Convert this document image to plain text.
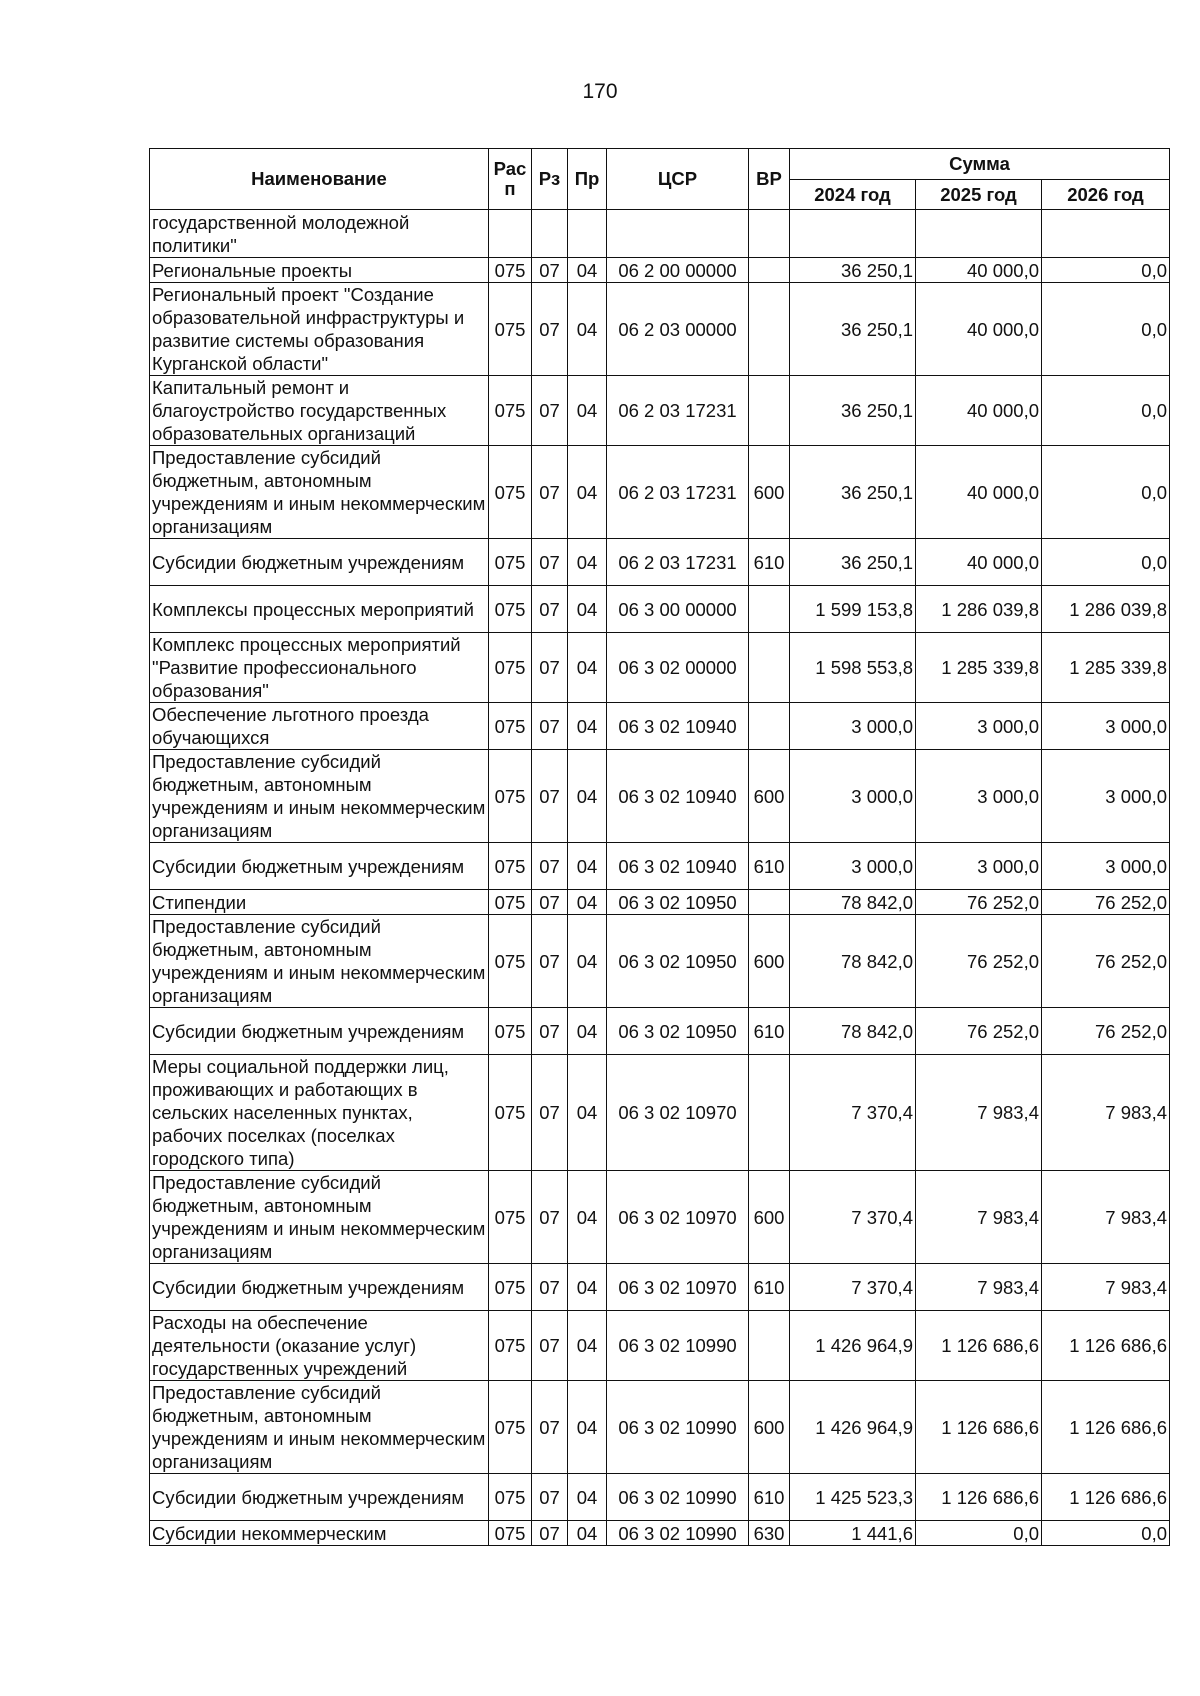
170
Наименование	Рас п	Рз	Пр	ЦСР	ВР	Сумма		
						2024 год	2025 год	2026 год
государственной молодежной политики"								
Региональные проекты	075	07	04	06 2 00 00000		36 250,1	40 000,0	0,0
Региональный проект "Создание образовательной инфраструктуры и развитие системы образования Курганской области"	075	07	04	06 2 03 00000		36 250,1	40 000,0	0,0
Капитальный ремонт и благоустройство государственных образовательных организаций	075	07	04	06 2 03 17231		36 250,1	40 000,0	0,0
Предоставление субсидий бюджетным, автономным учреждениям и иным некоммерческим организациям	075	07	04	06 2 03 17231	600	36 250,1	40 000,0	0,0
Субсидии бюджетным учреждениям	075	07	04	06 2 03 17231	610	36 250,1	40 000,0	0,0
Комплексы процессных мероприятий	075	07	04	06 3 00 00000		1 599 153,8	1 286 039,8	1 286 039,8
Комплекс процессных мероприятий "Развитие профессионального образования"	075	07	04	06 3 02 00000		1 598 553,8	1 285 339,8	1 285 339,8
Обеспечение льготного проезда обучающихся	075	07	04	06 3 02 10940		3 000,0	3 000,0	3 000,0
Предоставление субсидий бюджетным, автономным учреждениям и иным некоммерческим организациям	075	07	04	06 3 02 10940	600	3 000,0	3 000,0	3 000,0
Субсидии бюджетным учреждениям	075	07	04	06 3 02 10940	610	3 000,0	3 000,0	3 000,0
Стипендии	075	07	04	06 3 02 10950		78 842,0	76 252,0	76 252,0
Предоставление субсидий бюджетным, автономным учреждениям и иным некоммерческим организациям	075	07	04	06 3 02 10950	600	78 842,0	76 252,0	76 252,0
Субсидии бюджетным учреждениям	075	07	04	06 3 02 10950	610	78 842,0	76 252,0	76 252,0
Меры социальной поддержки лиц, проживающих и работающих в сельских населенных пунктах, рабочих поселках (поселках городского типа)	075	07	04	06 3 02 10970		7 370,4	7 983,4	7 983,4
Предоставление субсидий бюджетным, автономным учреждениям и иным некоммерческим организациям	075	07	04	06 3 02 10970	600	7 370,4	7 983,4	7 983,4
Субсидии бюджетным учреждениям	075	07	04	06 3 02 10970	610	7 370,4	7 983,4	7 983,4
Расходы на обеспечение деятельности (оказание услуг) государственных учреждений	075	07	04	06 3 02 10990		1 426 964,9	1 126 686,6	1 126 686,6
Предоставление субсидий бюджетным, автономным учреждениям и иным некоммерческим организациям	075	07	04	06 3 02 10990	600	1 426 964,9	1 126 686,6	1 126 686,6
Субсидии бюджетным учреждениям	075	07	04	06 3 02 10990	610	1 425 523,3	1 126 686,6	1 126 686,6
Субсидии некоммерческим	075	07	04	06 3 02 10990	630	1 441,6	0,0	0,0
